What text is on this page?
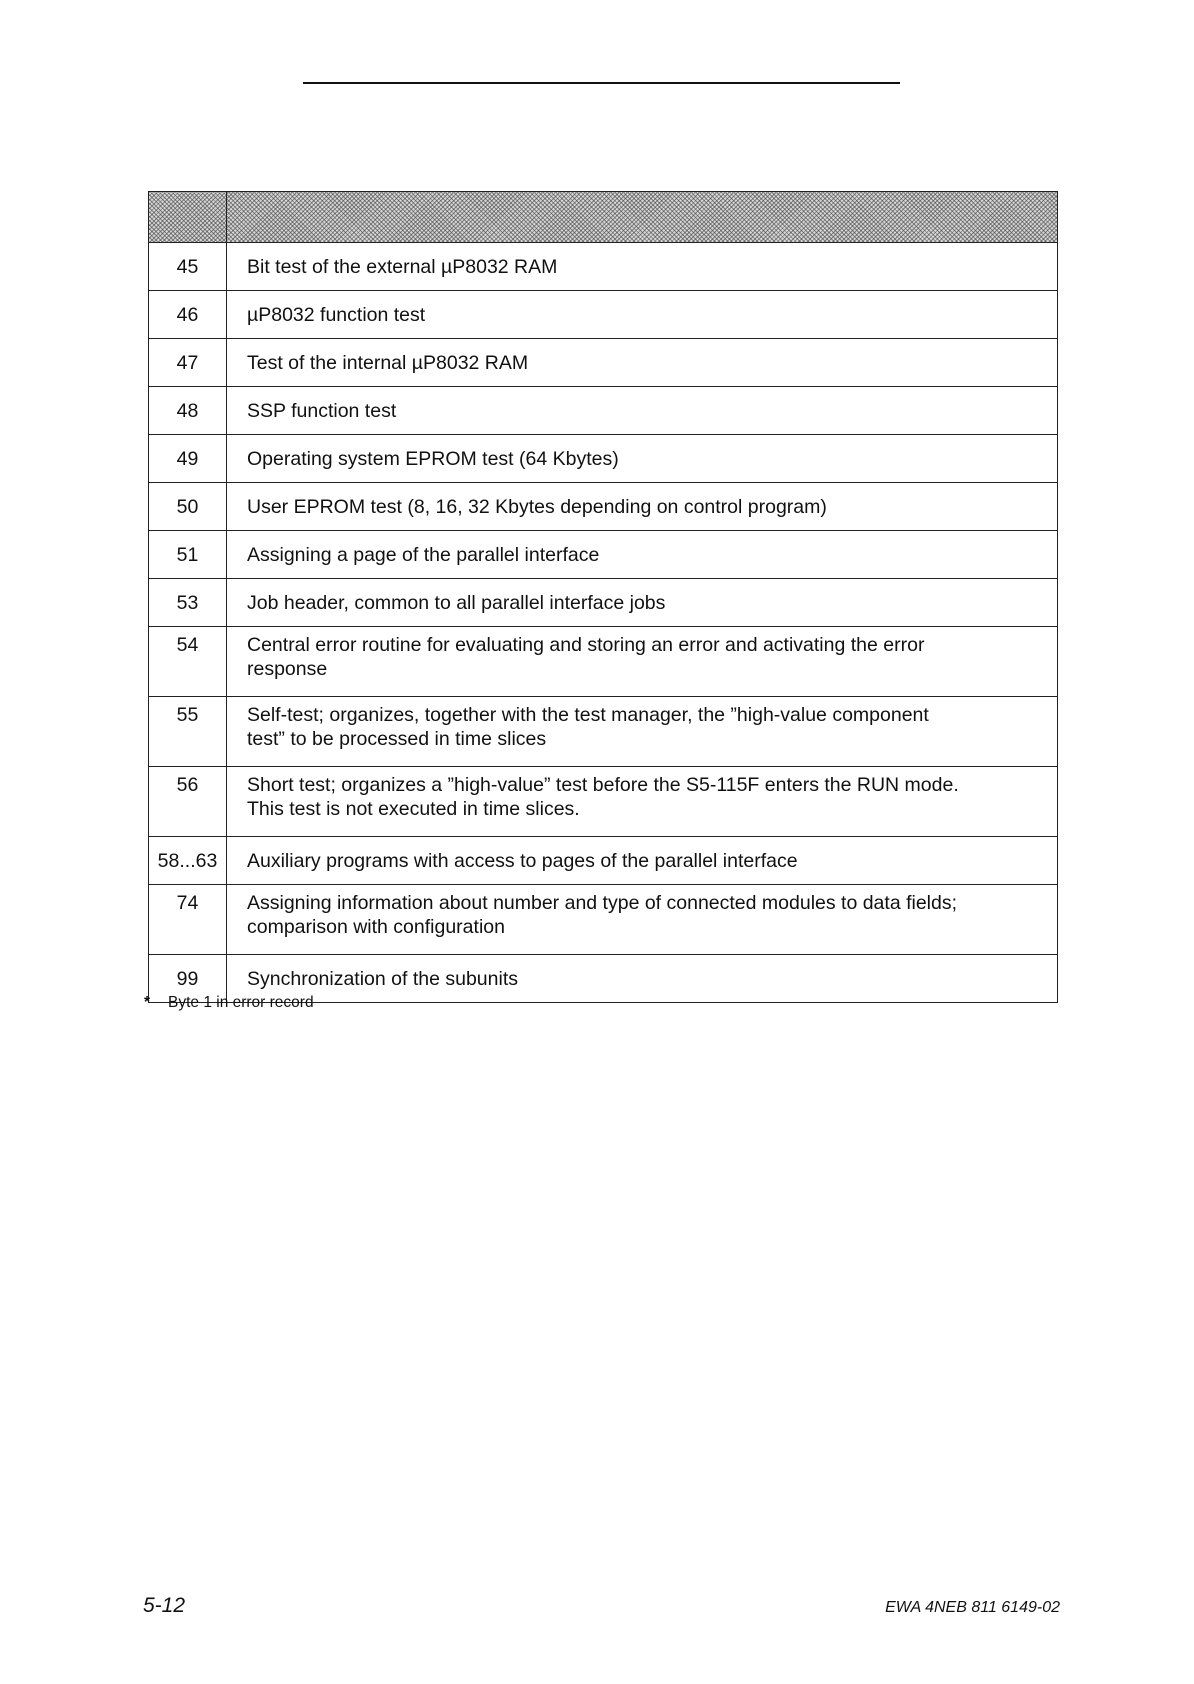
45	Bit test of the external µP8032 RAM
46	µP8032 function test
47	Test of the internal µP8032 RAM
48	SSP function test
49	Operating system EPROM test (64 Kbytes)
50	User EPROM test (8, 16, 32 Kbytes depending on control program)
51	Assigning a page of the parallel interface
53	Job header, common to all parallel interface jobs
54	Central error routine for evaluating and storing an error and activating the error
response

55	Self-test; organizes, together with the test manager, the ”high-value component
test” to be processed in time slices

56	Short test; organizes a ”high-value” test before the S5-115F enters the RUN mode.
This test is not executed in time slices.

58...63	Auxiliary programs with access to pages of the parallel interface
74	Assigning information about number and type of connected modules to data fields;
comparison with configuration

99	Synchronization of the subunits
*	Byte 1 in error record
5-12	EWA 4NEB 811 6149-02
